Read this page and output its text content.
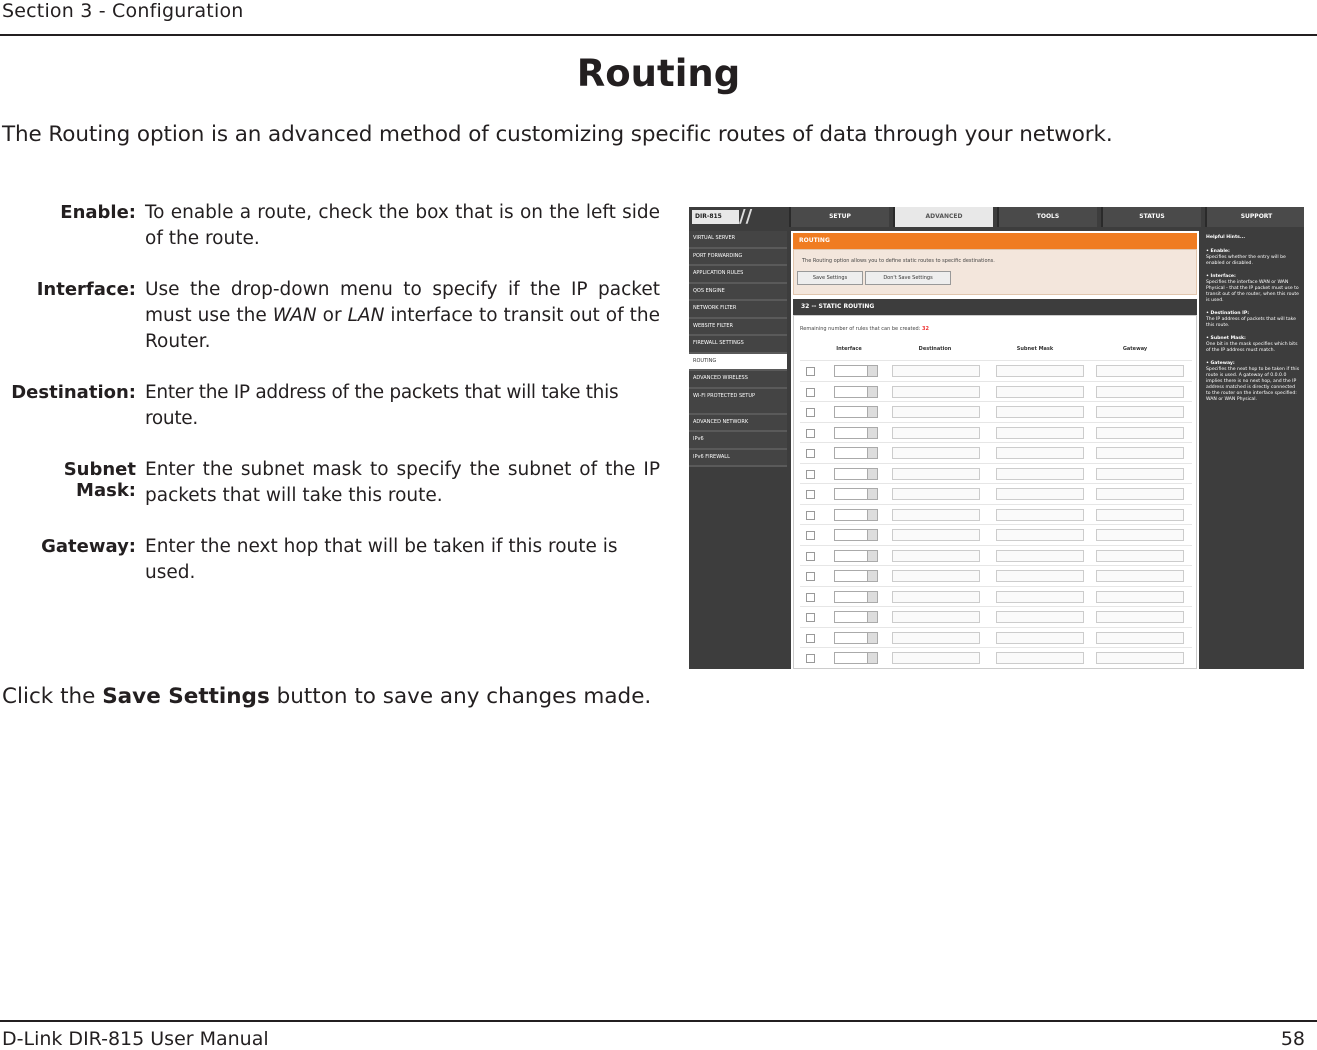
Section 3 - Configuration
Routing
The Routing option is an advanced method of customizing specific routes of data through your network.
Enable: To enable a route, check the box that is on the left side of the route.
Interface: Use the drop-down menu to specify if the IP packet must use the WAN or LAN interface to transit out of the Router.
Destination: Enter the IP address of the packets that will take this route.
Subnet Mask:
Enter the subnet mask to specify the subnet of the IP packets that will take this route.
Gateway: Enter the next hop that will be taken if this route is used.
DIR-815 //	SETUP	ADVANCED	TOOLS	STATUS	SUPPORT
VIRTUAL SERVER
PORT FORWARDING
APPLICATION RULES
QOS ENGINE
NETWORK FILTER
WEBSITE FILTER
FIREWALL SETTINGS
ROUTING
ADVANCED WIRELESS
WI-FI PROTECTED SETUP
ADVANCED NETWORK
IPv6
IPv6 FIREWALL
ROUTING
The Routing option allows you to define static routes to specific destinations.
Save Settings	Don't Save Settings
32 -- STATIC ROUTING
Remaining number of rules that can be created: 32
Interface	Destination	Subnet Mask	Gateway
Helpful Hints...
• Enable:
Specifies whether the entry will be enabled or disabled.
• Interface:
Specifies the interface WAN or WAN Physical - that the IP packet must use to transit out of the router, when this route is used.
• Destination IP:
The IP address of packets that will take this route.
• Subnet Mask:
One bit in the mask specifies which bits of the IP address must match.
• Gateway:
Specifies the next hop to be taken if this route is used. A gateway of 0.0.0.0 implies there is no next hop, and the IP address matched is directly connected to the router on the interface specified: WAN or WAN Physical.
Click the Save Settings button to save any changes made.
D-Link DIR-815 User Manual	58
